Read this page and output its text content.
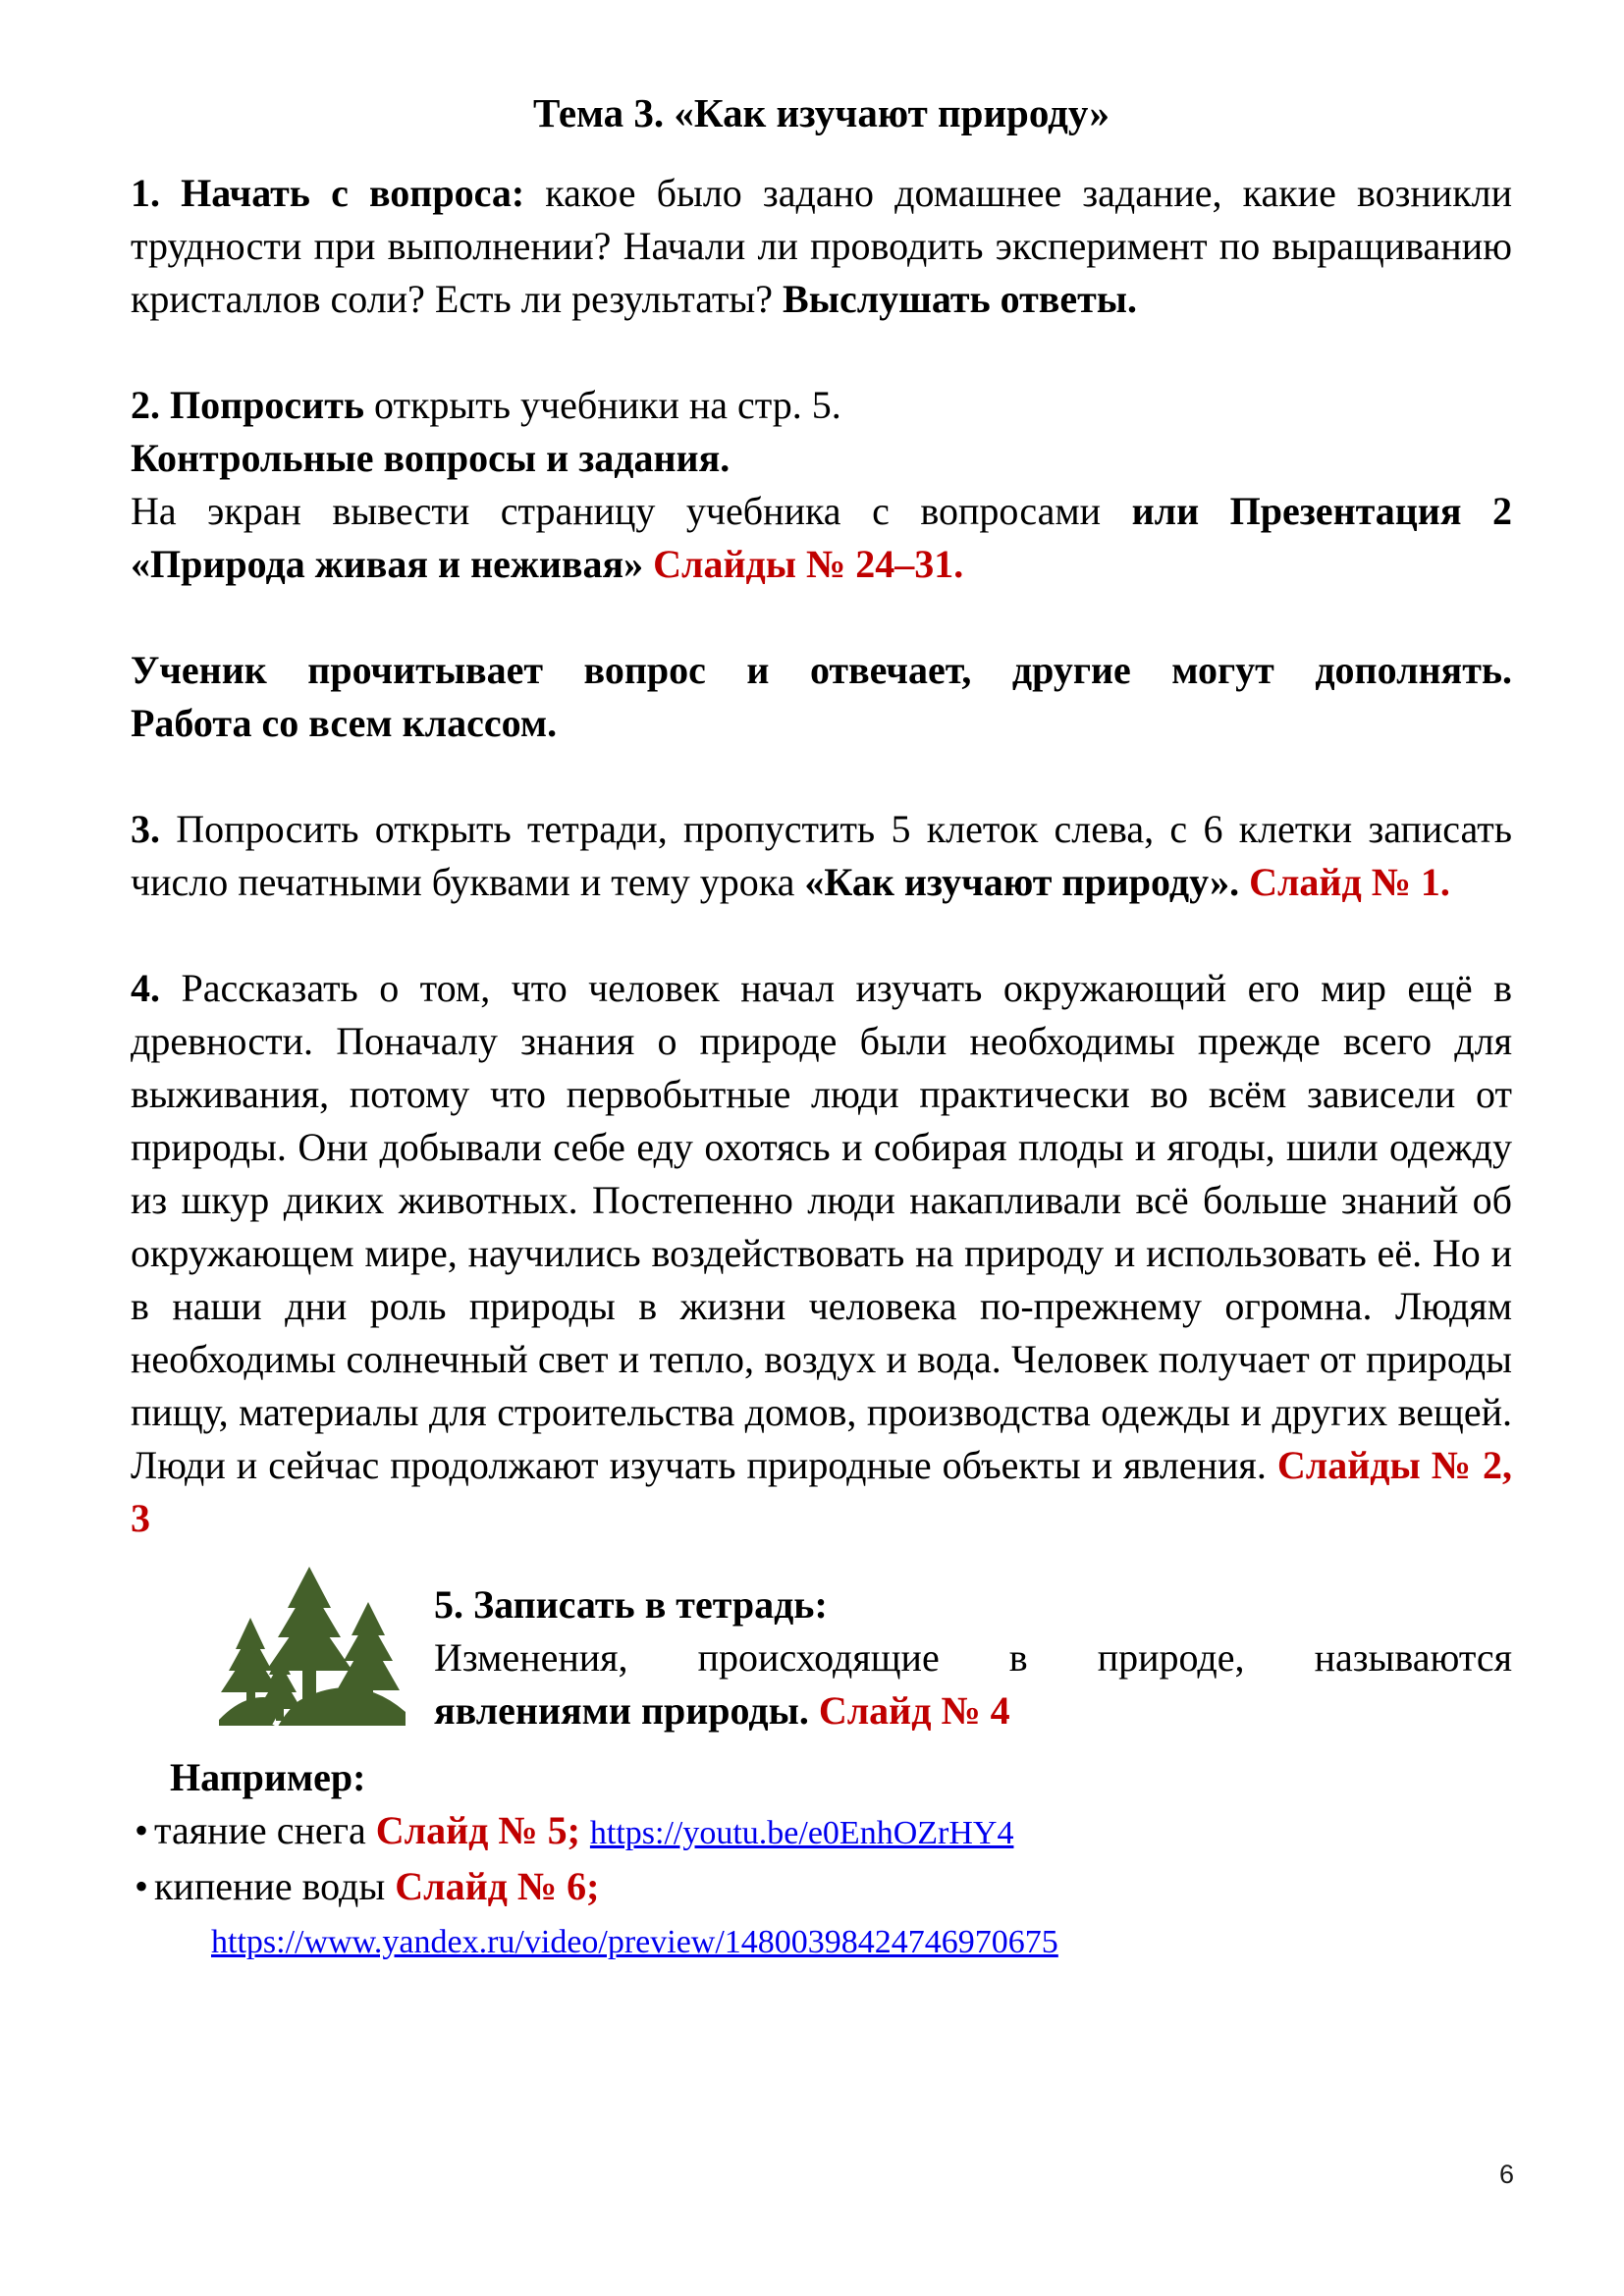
Тема 3. «Как изучают природу»
1. Начать с вопроса: какое было задано домашнее задание, какие возникли трудности при выполнении? Начали ли проводить эксперимент по выращиванию кристаллов соли? Есть ли результаты? Выслушать ответы.
2. Попросить открыть учебники на стр. 5.
Контрольные вопросы и задания.
На экран вывести страницу учебника с вопросами или Презентация 2
«Природа живая и неживая» Слайды № 24–31.
Ученик прочитывает вопрос и отвечает, другие могут дополнять.
Работа со всем классом.
3. Попросить открыть тетради, пропустить 5 клеток слева, с 6 клетки записать число печатными буквами и тему урока «Как изучают природу». Слайд № 1.
4. Рассказать о том, что человек начал изучать окружающий его мир ещё в древности. Поначалу знания о природе были необходимы прежде всего для выживания, потому что первобытные люди практически во всём зависели от природы. Они добывали себе еду охотясь и собирая плоды и ягоды, шили одежду из шкур диких животных. Постепенно люди накапливали всё больше знаний об окружающем мире, научились воздействовать на природу и использовать её. Но и в наши дни роль природы в жизни человека по-прежнему огромна. Людям необходимы солнечный свет и тепло, воздух и вода. Человек получает от природы пищу, материалы для строительства домов, производства одежды и других вещей. Люди и сейчас продолжают изучать природные объекты и явления. Слайды № 2, 3
5. Записать в тетрадь:
Изменения, происходящие в природе, называются
явлениями природы. Слайд № 4
Например:
• таяние снега Слайд № 5; https://youtu.be/e0EnhOZrHY4
• кипение воды Слайд № 6;
https://www.yandex.ru/video/preview/14800398424746970675
6
